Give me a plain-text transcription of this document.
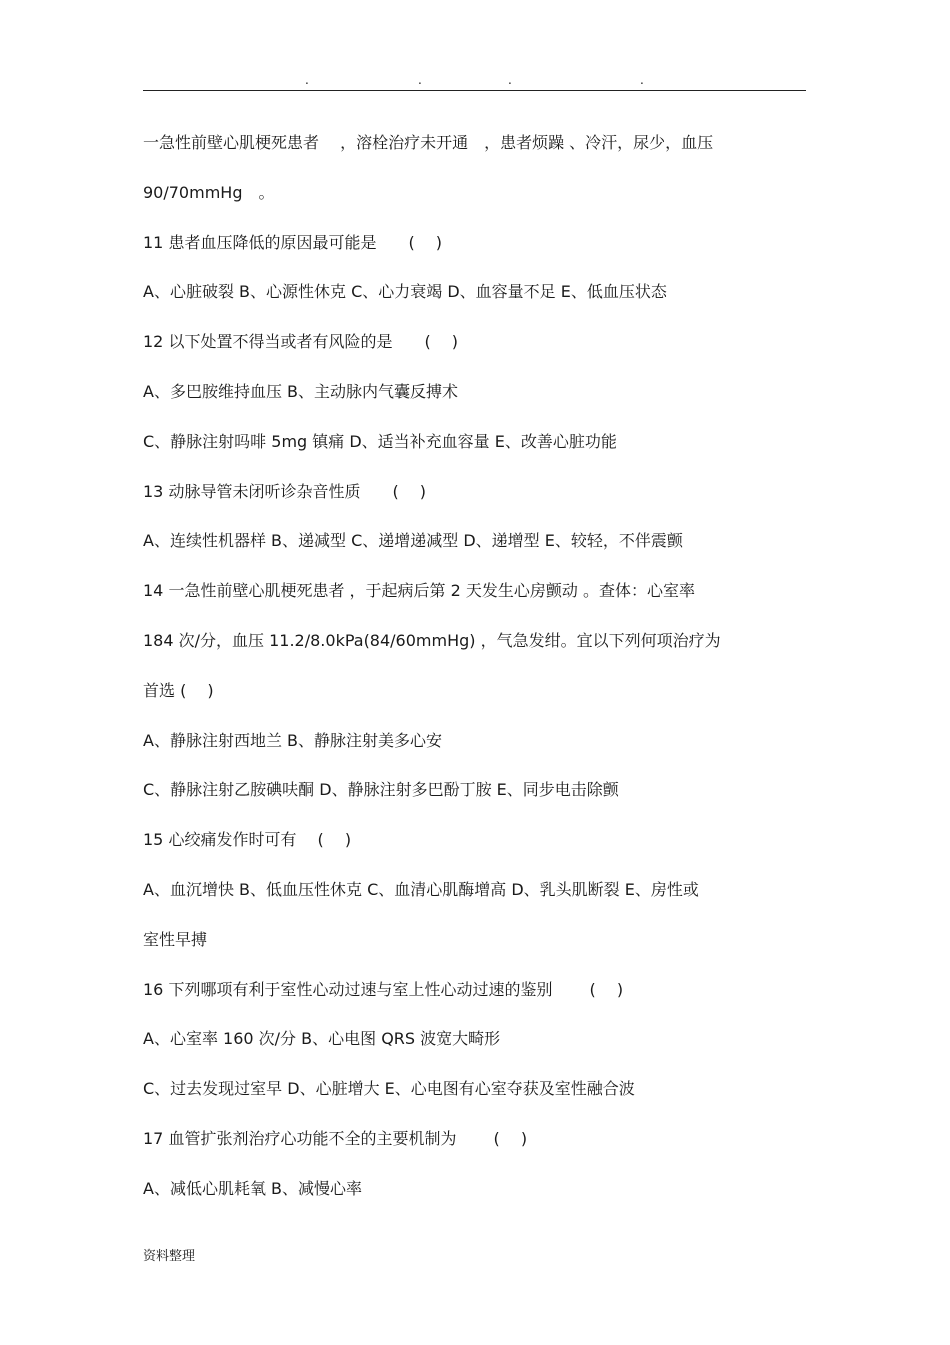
.	.	.	.
一急性前壁心肌梗死患者　 ，溶栓治疗未开通　，患者烦躁 、冷汗，尿少，血压
90/70mmHg　。
11 患者血压降低的原因最可能是　　(　 )
A、心脏破裂 B、心源性休克 C、心力衰竭 D、血容量不足 E、低血压状态
12 以下处置不得当或者有风险的是　　(　 )
A、多巴胺维持血压 B、主动脉内气囊反搏术
C、静脉注射吗啡 5mg 镇痛 D、适当补充血容量 E、改善心脏功能
13 动脉导管未闭听诊杂音性质　　(　 )
A、连续性机器样 B、递减型 C、递增递减型 D、递增型 E、较轻，不伴震颤
14 一急性前壁心肌梗死患者 ，于起病后第 2 天发生心房颤动 。查体：心室率
184 次/分，血压 11.2/8.0kPa(84/60mmHg) ，气急发绀。宜以下列何项治疗为
首选 (　 )
A、静脉注射西地兰 B、静脉注射美多心安
C、静脉注射乙胺碘呋酮 D、静脉注射多巴酚丁胺 E、同步电击除颤
15 心绞痛发作时可有　 (　 )
A、血沉增快 B、低血压性休克 C、血清心肌酶增高 D、乳头肌断裂 E、房性或
室性早搏
16 下列哪项有利于室性心动过速与室上性心动过速的鉴别　　 (　 )
A、心室率 160 次/分 B、心电图 QRS 波宽大畸形
C、过去发现过室早 D、心脏增大 E、心电图有心室夺获及室性融合波
17 血管扩张剂治疗心功能不全的主要机制为　　 (　 )
A、减低心肌耗氧 B、减慢心率
资料整理
